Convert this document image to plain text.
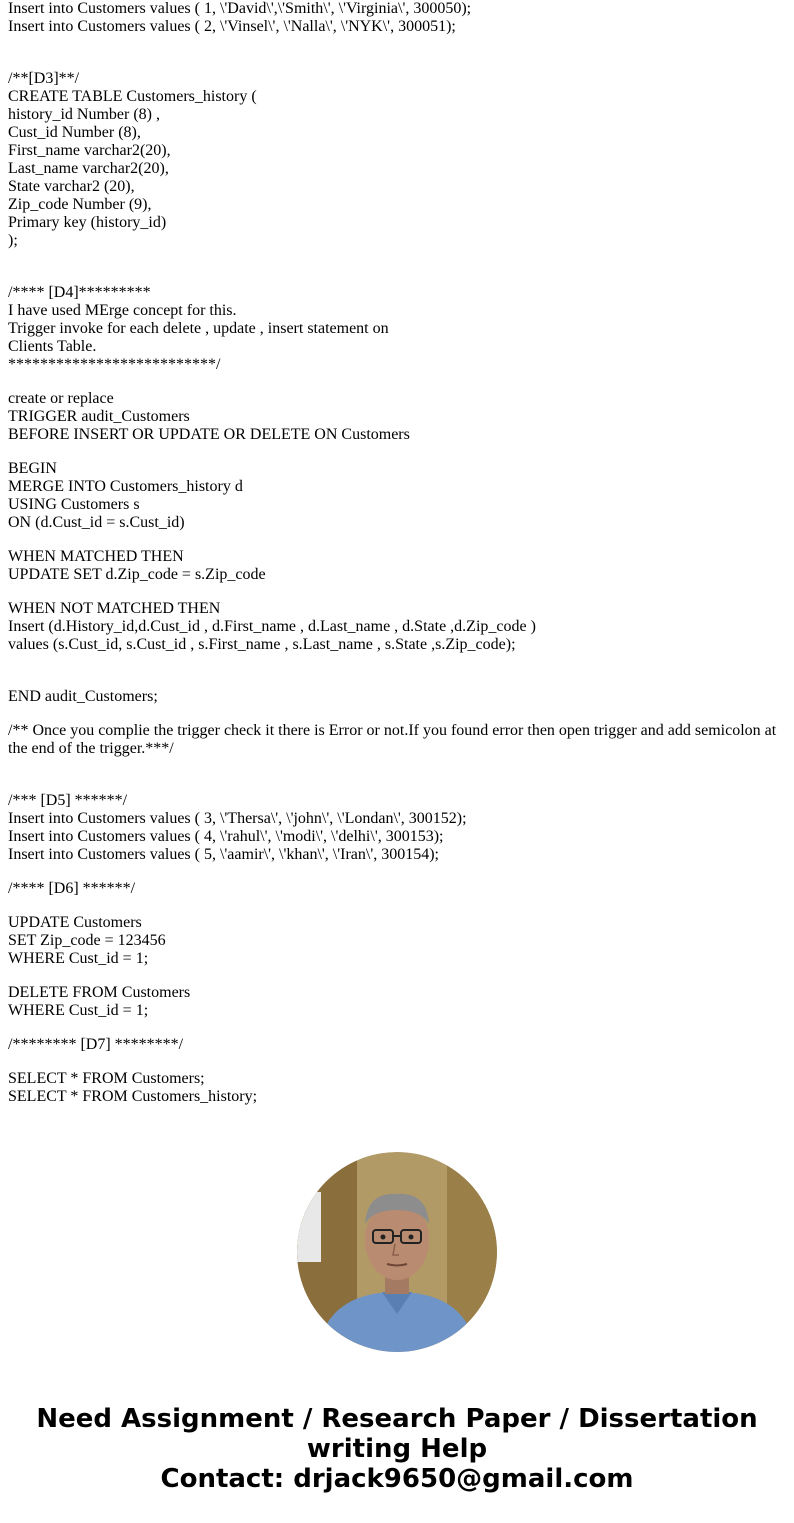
Insert into Customers values ( 1, \'David\',\'Smith\', \'Virginia\', 300050);
Insert into Customers values ( 2, \'Vinsel\', \'Nalla\', \'NYK\', 300051);
/**[D3]**/
CREATE TABLE Customers_history (
history_id Number (8) ,
Cust_id Number (8),
First_name varchar2(20),
Last_name varchar2(20),
State varchar2 (20),
Zip_code Number (9),
Primary key (history_id)
);
/**** [D4]*********
I have used MErge concept for this.
Trigger invoke for each delete , update , insert statement on
Clients Table.
**************************/
create or replace
TRIGGER audit_Customers
BEFORE INSERT OR UPDATE OR DELETE ON Customers
BEGIN
MERGE INTO Customers_history d
USING Customers s
ON (d.Cust_id = s.Cust_id)
WHEN MATCHED THEN
UPDATE SET d.Zip_code = s.Zip_code
WHEN NOT MATCHED THEN
Insert (d.History_id,d.Cust_id , d.First_name , d.Last_name , d.State ,d.Zip_code )
values (s.Cust_id, s.Cust_id , s.First_name , s.Last_name , s.State ,s.Zip_code);
END audit_Customers;
/** Once you complie the trigger check it there is Error or not.If you found error then open trigger and add semicolon at the end of the trigger.***/
/*** [D5] ******/
Insert into Customers values ( 3, \'Thersa\', \'john\', \'Londan\', 300152);
Insert into Customers values ( 4, \'rahul\', \'modi\', \'delhi\', 300153);
Insert into Customers values ( 5, \'aamir\', \'khan\', \'Iran\', 300154);
/**** [D6] ******/
UPDATE Customers
SET Zip_code = 123456
WHERE Cust_id = 1;
DELETE FROM Customers
WHERE Cust_id = 1;
/******** [D7] ********/
SELECT * FROM Customers;
SELECT * FROM Customers_history;
Need Assignment / Research Paper / Dissertation
writing Help
Contact: drjack9650@gmail.com
